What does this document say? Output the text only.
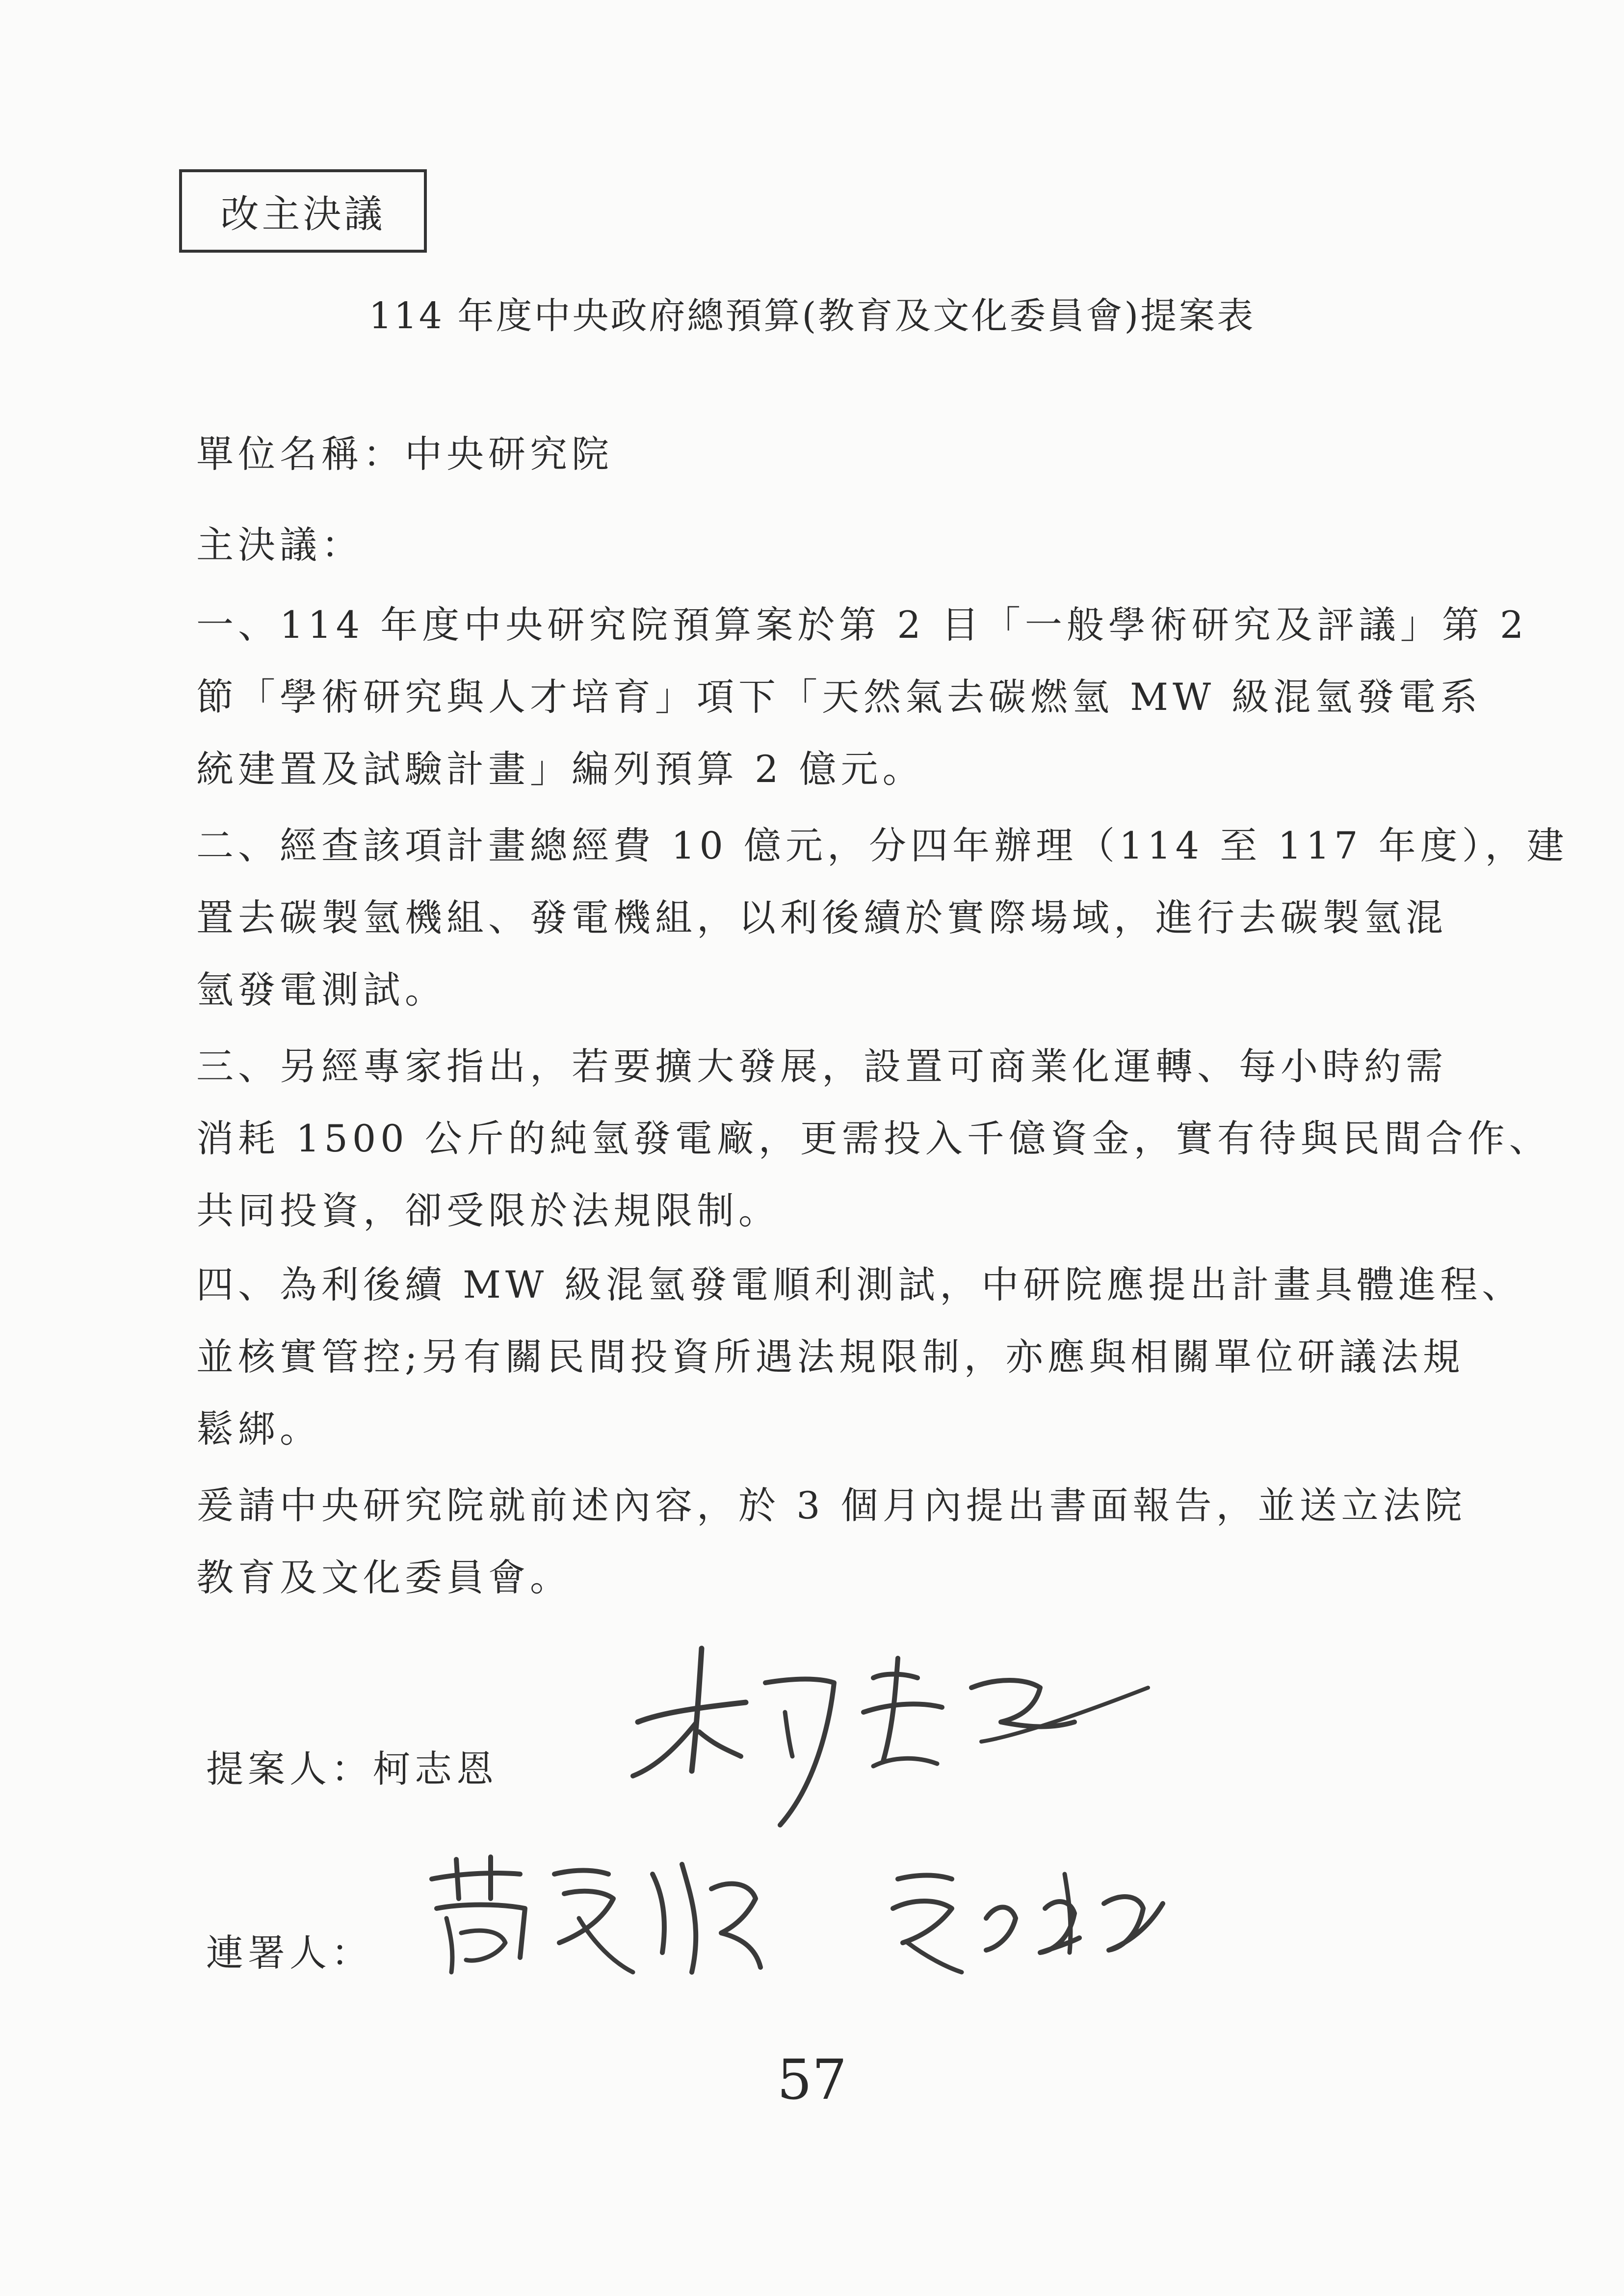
改主決議
114 年度中央政府總預算(教育及文化委員會)提案表
單位名稱：中央研究院
主決議：
一、114 年度中央研究院預算案於第 2 目「一般學術研究及評議」第 2
節「學術研究與人才培育」項下「天然氣去碳燃氫 MW 級混氫發電系
統建置及試驗計畫」編列預算 2 億元。
二、經查該項計畫總經費 10 億元，分四年辦理（114 至 117 年度），建
置去碳製氫機組、發電機組，以利後續於實際場域，進行去碳製氫混
氫發電測試。
三、另經專家指出，若要擴大發展，設置可商業化運轉、每小時約需
消耗 1500 公斤的純氫發電廠，更需投入千億資金，實有待與民間合作、
共同投資，卻受限於法規限制。
四、為利後續 MW 級混氫發電順利測試，中研院應提出計畫具體進程、
並核實管控;另有關民間投資所遇法規限制，亦應與相關單位研議法規
鬆綁。
爰請中央研究院就前述內容，於 3 個月內提出書面報告，並送立法院
教育及文化委員會。
提案人：柯志恩
連署人：
57
